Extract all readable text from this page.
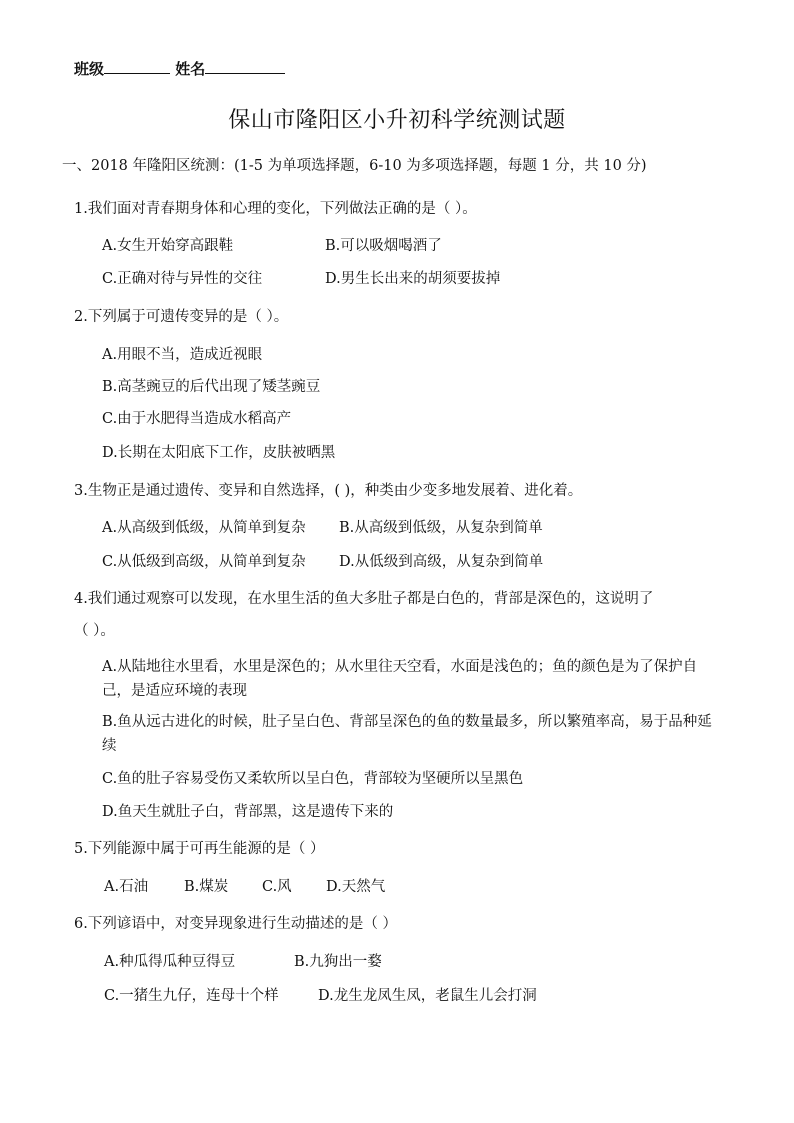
班级	姓名
保山市隆阳区小升初科学统测试题
一、2018 年隆阳区统测：(1-5 为单项选择题，6-10 为多项选择题，每题 1 分，共 10 分)
1.我们面对青春期身体和心理的变化，下列做法正确的是（ ）。
A.女生开始穿高跟鞋	B.可以吸烟喝酒了
C.正确对待与异性的交往	D.男生长出来的胡须要拔掉
2.下列属于可遗传变异的是（ ）。
A.用眼不当，造成近视眼
B.高茎豌豆的后代出现了矮茎豌豆
C.由于水肥得当造成水稻高产
D.长期在太阳底下工作，皮肤被晒黑
3.生物正是通过遗传、变异和自然选择，( )，种类由少变多地发展着、进化着。
A.从高级到低级，从简单到复杂 B.从高级到低级，从复杂到简单
C.从低级到高级，从简单到复杂 D.从低级到高级，从复杂到简单
4.我们通过观察可以发现，在水里生活的鱼大多肚子都是白色的，背部是深色的，这说明了
（ ）。
A.从陆地往水里看，水里是深色的；从水里往天空看，水面是浅色的；鱼的颜色是为了保护自己，是适应环境的表现
B.鱼从远古进化的时候，肚子呈白色、背部呈深色的鱼的数量最多，所以繁殖率高，易于品种延续
C.鱼的肚子容易受伤又柔软所以呈白色，背部较为坚硬所以呈黑色
D.鱼天生就肚子白，背部黑，这是遗传下来的
5.下列能源中属于可再生能源的是（ ）
A.石油 B.煤炭 C.风 D.天然气
6.下列谚语中，对变异现象进行生动描述的是（ ）
A.种瓜得瓜种豆得豆	B.九狗出一婺
C.一猪生九仔，连母十个样	D.龙生龙凤生凤，老鼠生儿会打洞
